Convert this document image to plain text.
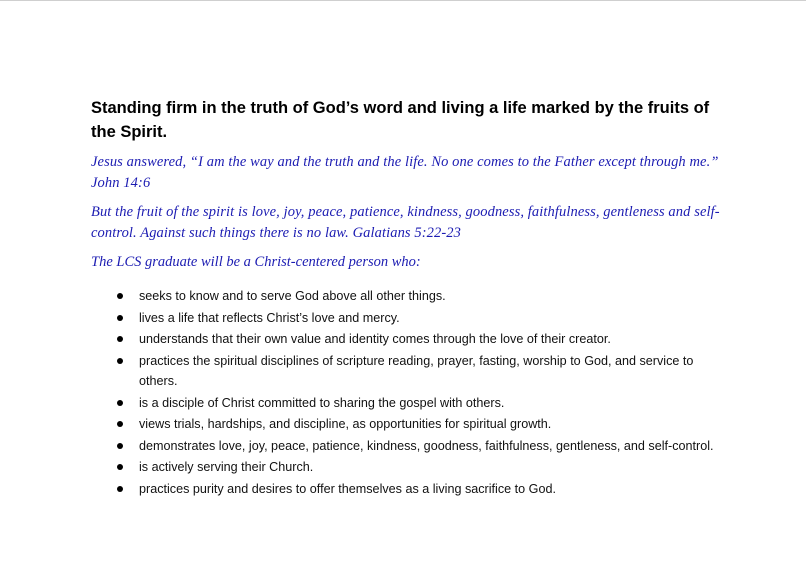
Standing firm in the truth of God’s word and living a life marked by the fruits of the Spirit.

Jesus answered, “I am the way and the truth and the life. No one comes to the Father except through me.” John 14:6

But the fruit of the spirit is love, joy, peace, patience, kindness, goodness, faithfulness, gentleness and self-control. Against such things there is no law. Galatians 5:22-23

The LCS graduate will be a Christ-centered person who:

seeks to know and to serve God above all other things.
lives a life that reflects Christ’s love and mercy.
understands that their own value and identity comes through the love of their creator.
practices the spiritual disciplines of scripture reading, prayer, fasting, worship to God, and service to others.
is a disciple of Christ committed to sharing the gospel with others.
views trials, hardships, and discipline, as opportunities for spiritual growth.
demonstrates love, joy, peace, patience, kindness, goodness, faithfulness, gentleness, and self-control.
is actively serving their Church.
practices purity and desires to offer themselves as a living sacrifice to God.
